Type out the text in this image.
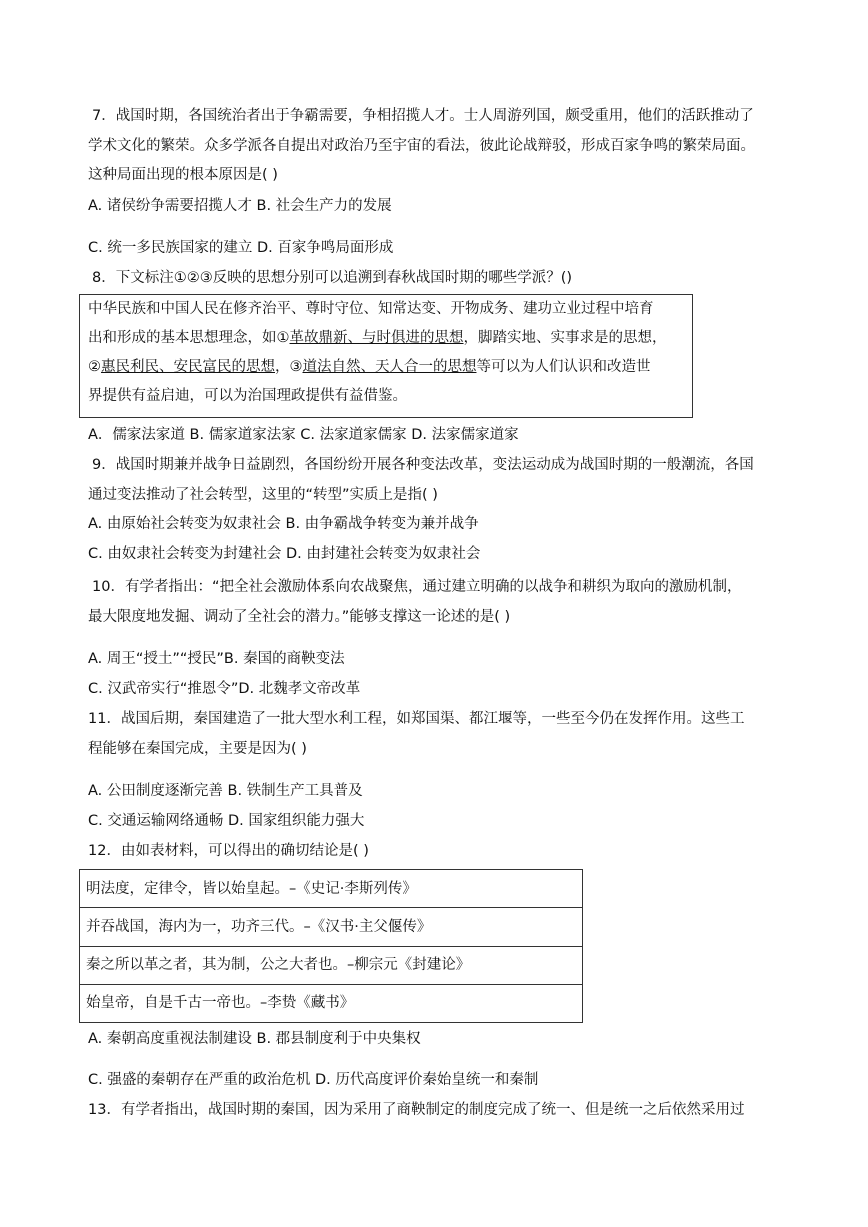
7．战国时期，各国统治者出于争霸需要，争相招揽人才。士人周游列国，颇受重用，他们的活跃推动了
学术文化的繁荣。众多学派各自提出对政治乃至宇宙的看法，彼此论战辩驳，形成百家争鸣的繁荣局面。
这种局面出现的根本原因是( )
A. 诸侯纷争需要招揽人才 B. 社会生产力的发展
C. 统一多民族国家的建立 D. 百家争鸣局面形成
8．下文标注①②③反映的思想分别可以追溯到春秋战国时期的哪些学派？()
中华民族和中国人民在修齐治平、尊时守位、知常达变、开物成务、建功立业过程中培育
出和形成的基本思想理念，如①革故鼎新、与时俱进的思想，脚踏实地、实事求是的思想，
②惠民利民、安民富民的思想，③道法自然、天人合一的思想等可以为人们认识和改造世
界提供有益启迪，可以为治国理政提供有益借鉴。
A．儒家法家道 B. 儒家道家法家 C. 法家道家儒家 D. 法家儒家道家
9．战国时期兼并战争日益剧烈，各国纷纷开展各种变法改革，变法运动成为战国时期的一般潮流，各国
通过变法推动了社会转型，这里的“转型”实质上是指( )
A. 由原始社会转变为奴隶社会 B. 由争霸战争转变为兼并战争
C. 由奴隶社会转变为封建社会 D. 由封建社会转变为奴隶社会
10．有学者指出：“把全社会激励体系向农战聚焦，通过建立明确的以战争和耕织为取向的激励机制，
最大限度地发掘、调动了全社会的潜力。”能够支撑这一论述的是( )
A. 周王“授土”“授民”B. 秦国的商鞅变法
C. 汉武帝实行“推恩令”D. 北魏孝文帝改革
11．战国后期，秦国建造了一批大型水利工程，如郑国渠、都江堰等，一些至今仍在发挥作用。这些工
程能够在秦国完成，主要是因为( )
A. 公田制度逐渐完善 B. 铁制生产工具普及
C. 交通运输网络通畅 D. 国家组织能力强大
12．由如表材料，可以得出的确切结论是( )
明法度，定律令，皆以始皇起。–《史记·李斯列传》
并吞战国，海内为一，功齐三代。–《汉书·主父偃传》
秦之所以革之者，其为制，公之大者也。–柳宗元《封建论》
始皇帝，自是千古一帝也。–李贽《藏书》
A. 秦朝高度重视法制建设 B. 郡县制度利于中央集权
C. 强盛的秦朝存在严重的政治危机 D. 历代高度评价秦始皇统一和秦制
13．有学者指出，战国时期的秦国，因为采用了商鞅制定的制度完成了统一、但是统一之后依然采用过
